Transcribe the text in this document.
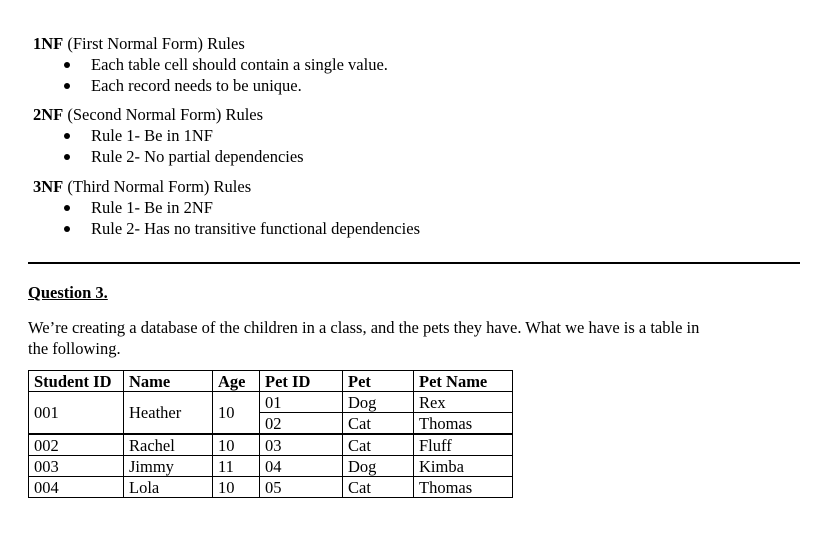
1NF (First Normal Form) Rules
Each table cell should contain a single value.
Each record needs to be unique.
2NF (Second Normal Form) Rules
Rule 1- Be in 1NF
Rule 2- No partial dependencies
3NF (Third Normal Form) Rules
Rule 1- Be in 2NF
Rule 2- Has no transitive functional dependencies
Question 3.
We’re creating a database of the children in a class, and the pets they have. What we have is a table in
the following.
Student ID	Name	Age	Pet ID	Pet	Pet Name
001	Heather	10	01	Dog	Rex
			02	Cat	Thomas
002	Rachel	10	03	Cat	Fluff
003	Jimmy	11	04	Dog	Kimba
004	Lola	10	05	Cat	Thomas
